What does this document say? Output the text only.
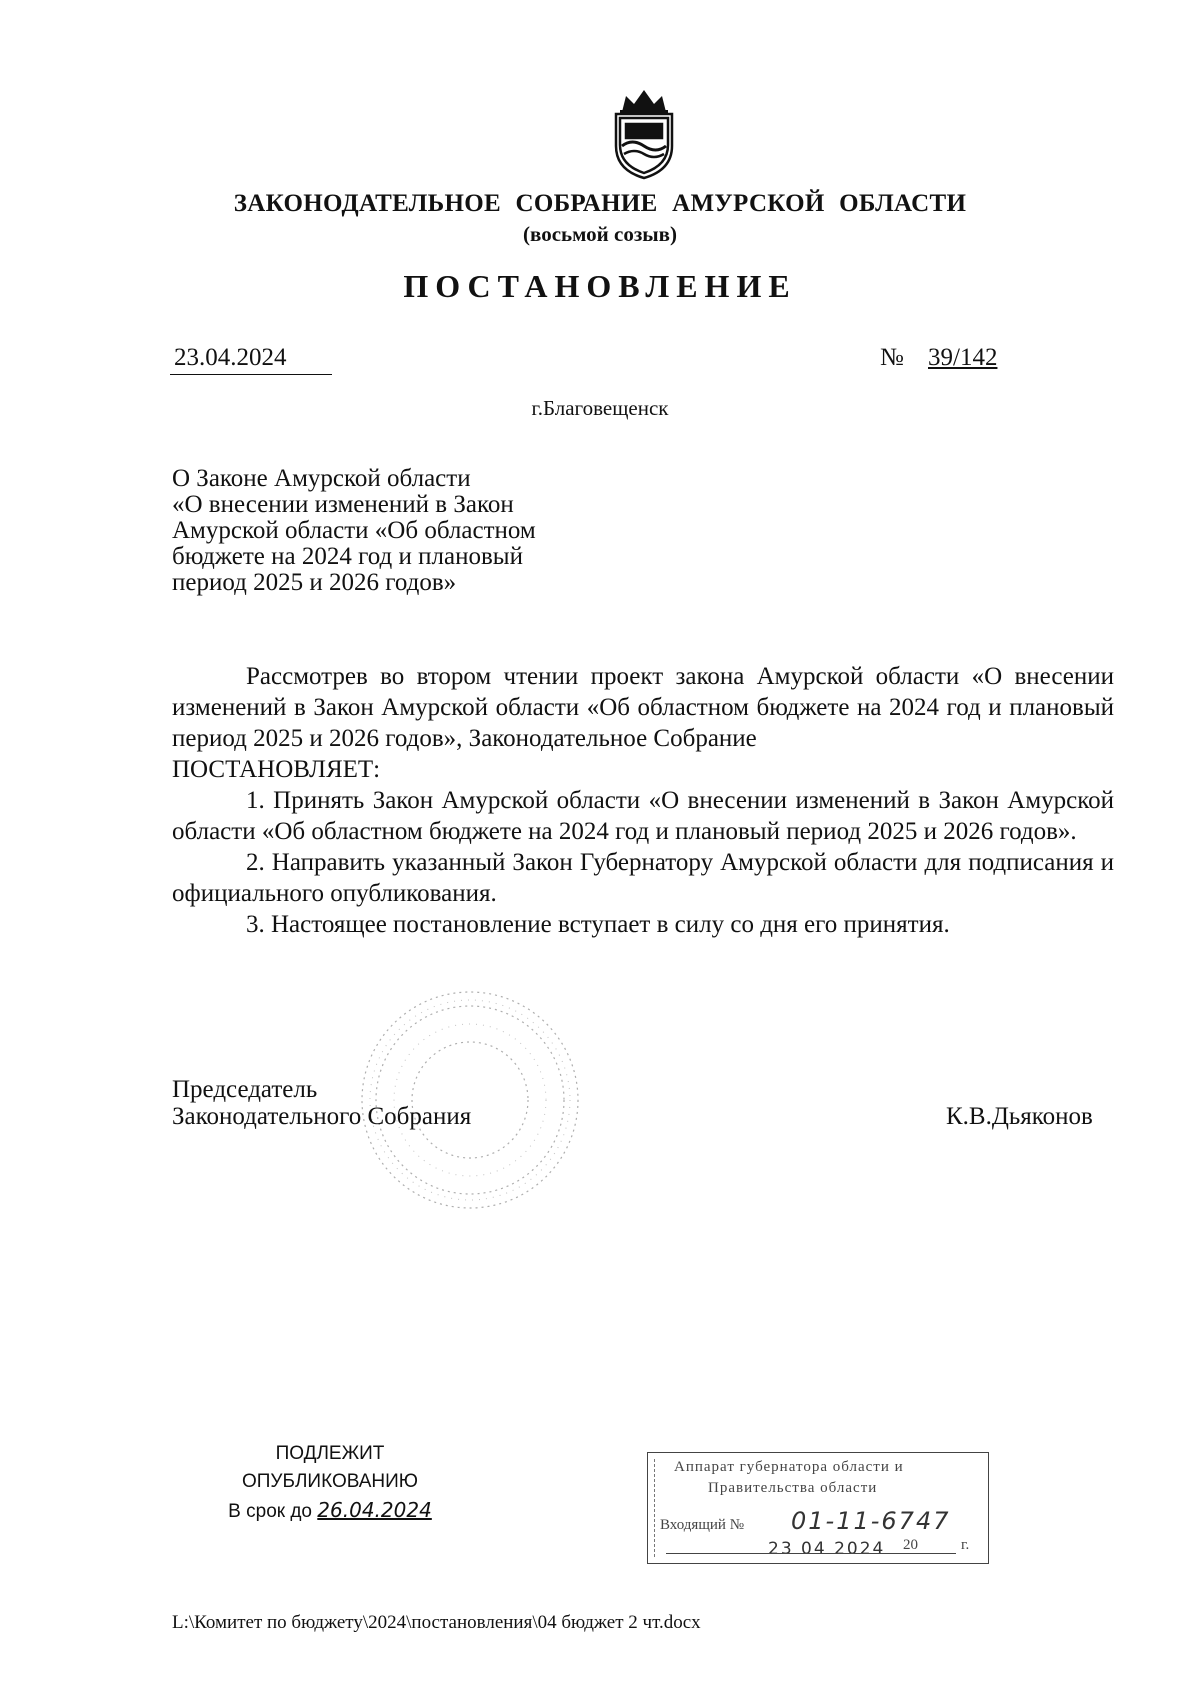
ЗАКОНОДАТЕЛЬНОЕ СОБРАНИЕ АМУРСКОЙ ОБЛАСТИ
(восьмой созыв)
ПОСТАНОВЛЕНИЕ
23.04.2024	№ 39/142
г.Благовещенск
О Законе Амурской области
«О внесении изменений в Закон
Амурской области «Об областном
бюджете на 2024 год и плановый
период 2025 и 2026 годов»

Рассмотрев во втором чтении проект закона Амурской области «О внесении изменений в Закон Амурской области «Об областном бюджете на 2024 год и плановый период 2025 и 2026 годов», Законодательное Собрание

ПОСТАНОВЛЯЕТ:

1. Принять Закон Амурской области «О внесении изменений в Закон Амурской области «Об областном бюджете на 2024 год и плановый период 2025 и 2026 годов».

2. Направить указанный Закон Губернатору Амурской области для подписания и официального опубликования.

3. Настоящее постановление вступает в силу со дня его принятия.

Председатель
Законодательного Собрания	К.В.Дьяконов
ПОДЛЕЖИТ
ОПУБЛИКОВАНИЮ
В срок до 26.04.2024
Аппарат губернатора области и
Правительства области
Входящий № 01-11-6747
23 04 2024 20	г.
L:\Комитет по бюджету\2024\постановления\04 бюджет 2 чт.docx
